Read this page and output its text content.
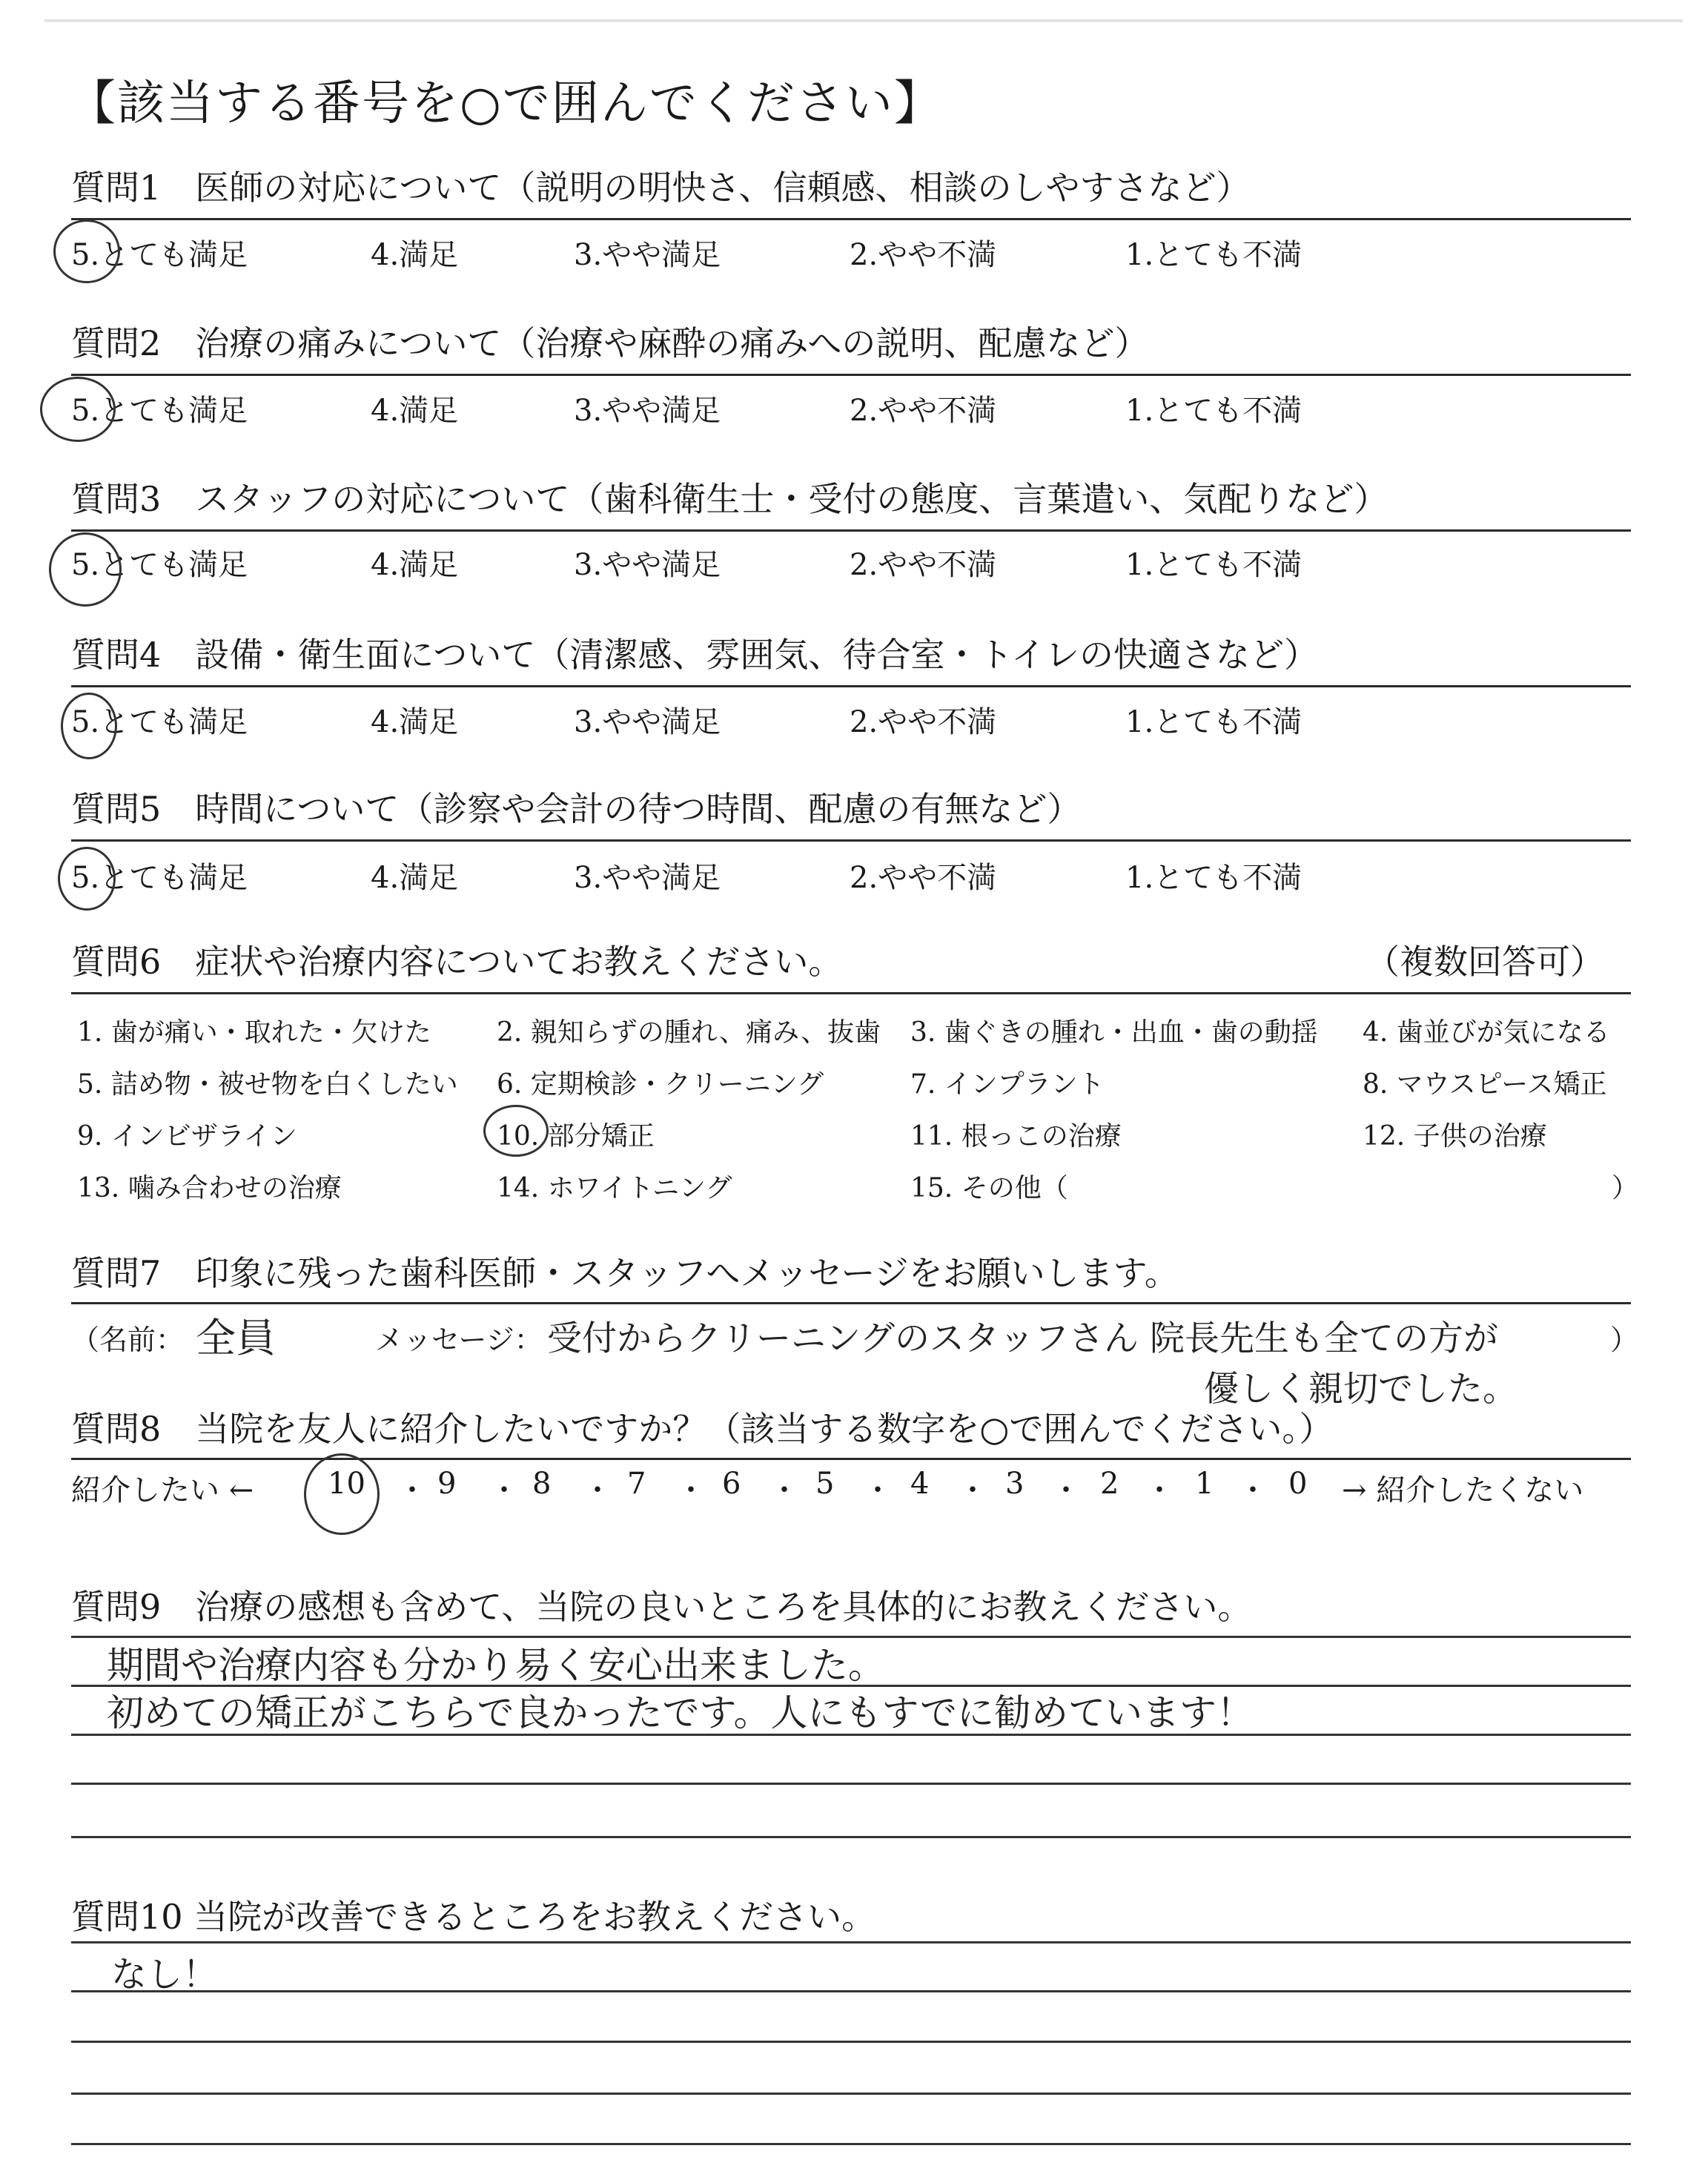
【該当する番号を○で囲んでください】
質問1　医師の対応について（説明の明快さ、信頼感、相談のしやすさなど）
5.とても満足	4.満足	3.やや満足	2.やや不満	1.とても不満
質問2　治療の痛みについて（治療や麻酔の痛みへの説明、配慮など）
5.とても満足	4.満足	3.やや満足	2.やや不満	1.とても不満
質問3　スタッフの対応について（歯科衛生士・受付の態度、言葉遣い、気配りなど）
5.とても満足	4.満足	3.やや満足	2.やや不満	1.とても不満
質問4　設備・衛生面について（清潔感、雰囲気、待合室・トイレの快適さなど）
5.とても満足	4.満足	3.やや満足	2.やや不満	1.とても不満
質問5　時間について（診察や会計の待つ時間、配慮の有無など）
5.とても満足	4.満足	3.やや満足	2.やや不満	1.とても不満
質問6　症状や治療内容についてお教えください。	（複数回答可）
1. 歯が痛い・取れた・欠けた 2. 親知らずの腫れ、痛み、抜歯 3. 歯ぐきの腫れ・出血・歯の動揺 4. 歯並びが気になる
5. 詰め物・被せ物を白くしたい 6. 定期検診・クリーニング	7. インプラント	8. マウスピース矯正
9. インビザライン	10. 部分矯正	11. 根っこの治療	12. 子供の治療
13. 噛み合わせの治療	14. ホワイトニング	15. その他（	）
質問7　印象に残った歯科医師・スタッフへメッセージをお願いします。
（名前： 全員	メッセージ： 受付からクリーニングのスタッフさん 院長先生も全ての方が
優しく親切でした。
）
質問8　当院を友人に紹介したいですか？（該当する数字を○で囲んでください。）
紹介したい ← 10 ・ 9 ・ 8 ・ 7 ・ 6 ・ 5 ・ 4 ・ 3 ・ 2 ・ 1 ・ 0 → 紹介したくない
質問9　治療の感想も含めて、当院の良いところを具体的にお教えください。
期間や治療内容も分かり易く安心出来ました。
初めての矯正がこちらで良かったです。人にもすでに勧めています！
質問10 当院が改善できるところをお教えください。
なし！
